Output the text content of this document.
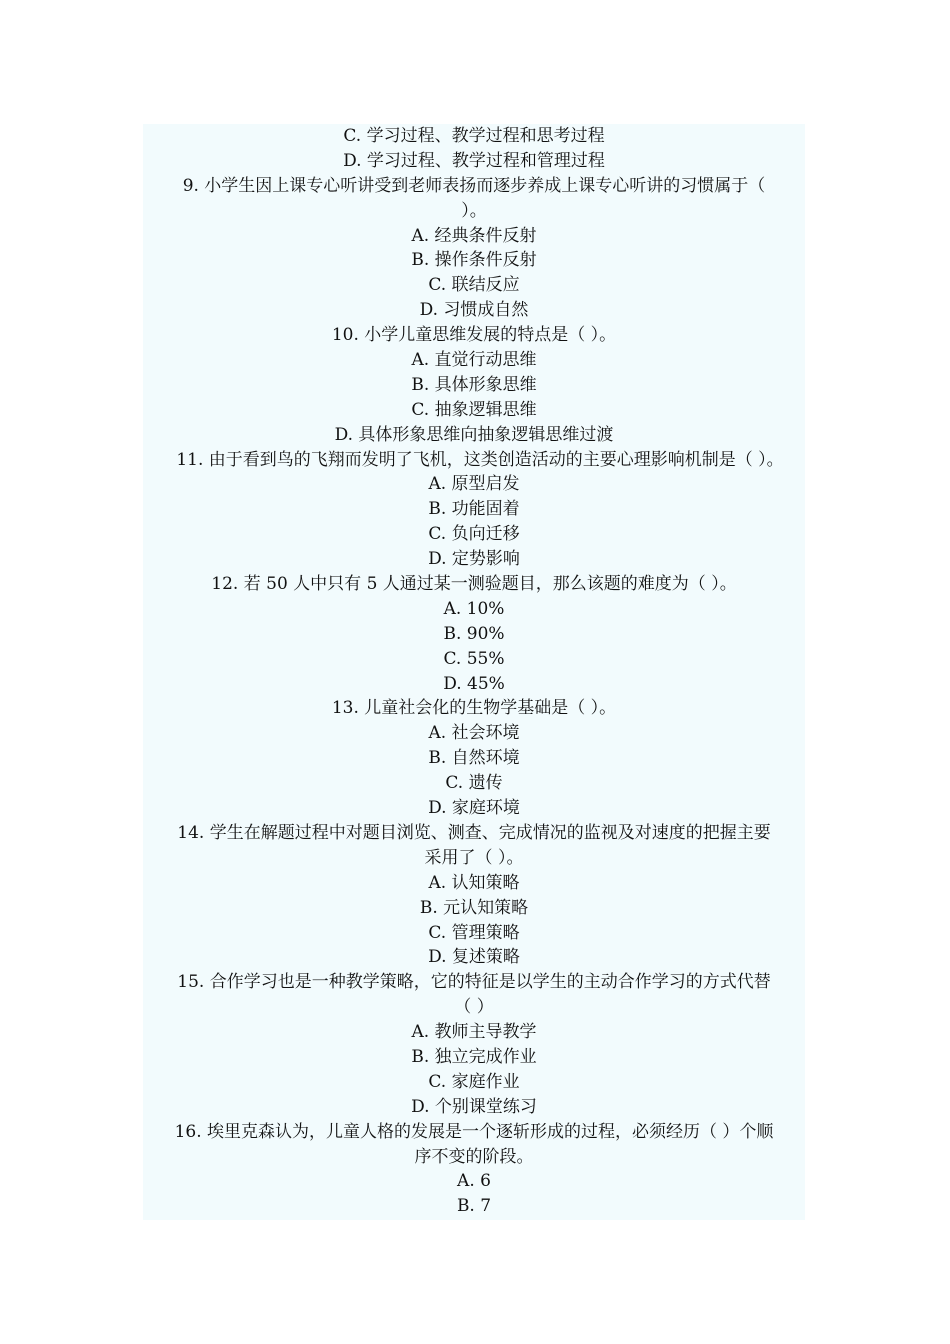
C. 学习过程、教学过程和思考过程
D. 学习过程、教学过程和管理过程
9. 小学生因上课专心听讲受到老师表扬而逐步养成上课专心听讲的习惯属于（
）。
A. 经典条件反射
B. 操作条件反射
C. 联结反应
D. 习惯成自然
10. 小学儿童思维发展的特点是（ ）。
A. 直觉行动思维
B. 具体形象思维
C. 抽象逻辑思维
D. 具体形象思维向抽象逻辑思维过渡
11. 由于看到鸟的飞翔而发明了飞机，这类创造活动的主要心理影响机制是（ ）。
A. 原型启发
B. 功能固着
C. 负向迁移
D. 定势影响
12. 若 50 人中只有 5 人通过某一测验题目，那么该题的难度为（ ）。
A. 10%
B. 90%
C. 55%
D. 45%
13. 儿童社会化的生物学基础是（ ）。
A. 社会环境
B. 自然环境
C. 遗传
D. 家庭环境
14. 学生在解题过程中对题目浏览、测查、完成情况的监视及对速度的把握主要
采用了（ ）。
A. 认知策略
B. 元认知策略
C. 管理策略
D. 复述策略
15. 合作学习也是一种教学策略，它的特征是以学生的主动合作学习的方式代替
（ ）
A. 教师主导教学
B. 独立完成作业
C. 家庭作业
D. 个别课堂练习
16. 埃里克森认为，儿童人格的发展是一个逐斩形成的过程，必须经历（ ）个顺
序不变的阶段。
A. 6
B. 7
